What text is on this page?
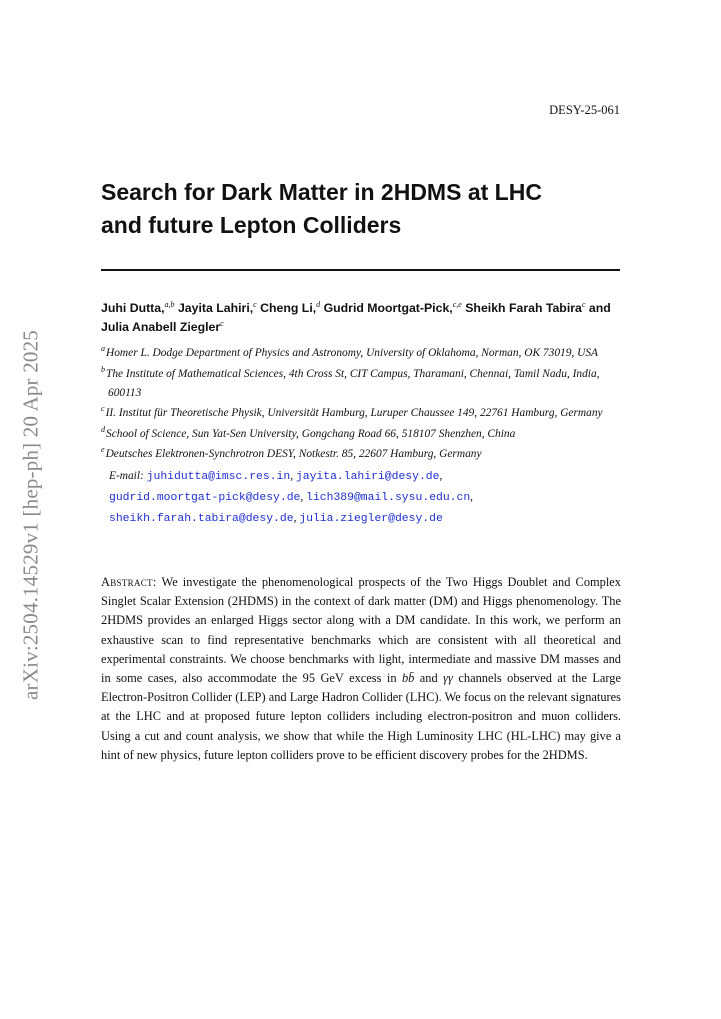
arXiv:2504.14529v1 [hep-ph] 20 Apr 2025
DESY-25-061
Search for Dark Matter in 2HDMS at LHC
and future Lepton Colliders
Juhi Dutta,$^{a,b}$ Jayita Lahiri,$^c$ Cheng Li,$^d$ Gudrid Moortgat-Pick,$^{c,e}$ Sheikh Farah Tabira$^c$ and Julia Anabell Ziegler$^c$
$^a$Homer L. Dodge Department of Physics and Astronomy, University of Oklahoma, Norman, OK 73019, USA
$^b$The Institute of Mathematical Sciences, 4th Cross St, CIT Campus, Tharamani, Chennai, Tamil Nadu, India, 600113
$^c$II. Institut für Theoretische Physik, Universität Hamburg, Luruper Chaussee 149, 22761 Hamburg, Germany
$^d$School of Science, Sun Yat-Sen University, Gongchang Road 66, 518107 Shenzhen, China
$^e$Deutsches Elektronen-Synchrotron DESY, Notkestr. 85, 22607 Hamburg, Germany
E-mail: juhidutta@imsc.res.in, jayita.lahiri@desy.de,
gudrid.moortgat-pick@desy.de, lich389@mail.sysu.edu.cn,
sheikh.farah.tabira@desy.de, julia.ziegler@desy.de
Abstract: We investigate the phenomenological prospects of the Two Higgs Doublet and Complex Singlet Scalar Extension (2HDMS) in the context of dark matter (DM) and Higgs phenomenology. The 2HDMS provides an enlarged Higgs sector along with a DM candidate. In this work, we perform an exhaustive scan to find representative benchmarks which are consistent with all theoretical and experimental constraints. We choose benchmarks with light, intermediate and massive DM masses and in some cases, also accommodate the 95 GeV excess in bb̄ and γγ channels observed at the Large Electron-Positron Collider (LEP) and Large Hadron Collider (LHC). We focus on the relevant signatures at the LHC and at proposed future lepton colliders including electron-positron and muon colliders. Using a cut and count analysis, we show that while the High Luminosity LHC (HL-LHC) may give a hint of new physics, future lepton colliders prove to be efficient discovery probes for the 2HDMS.
